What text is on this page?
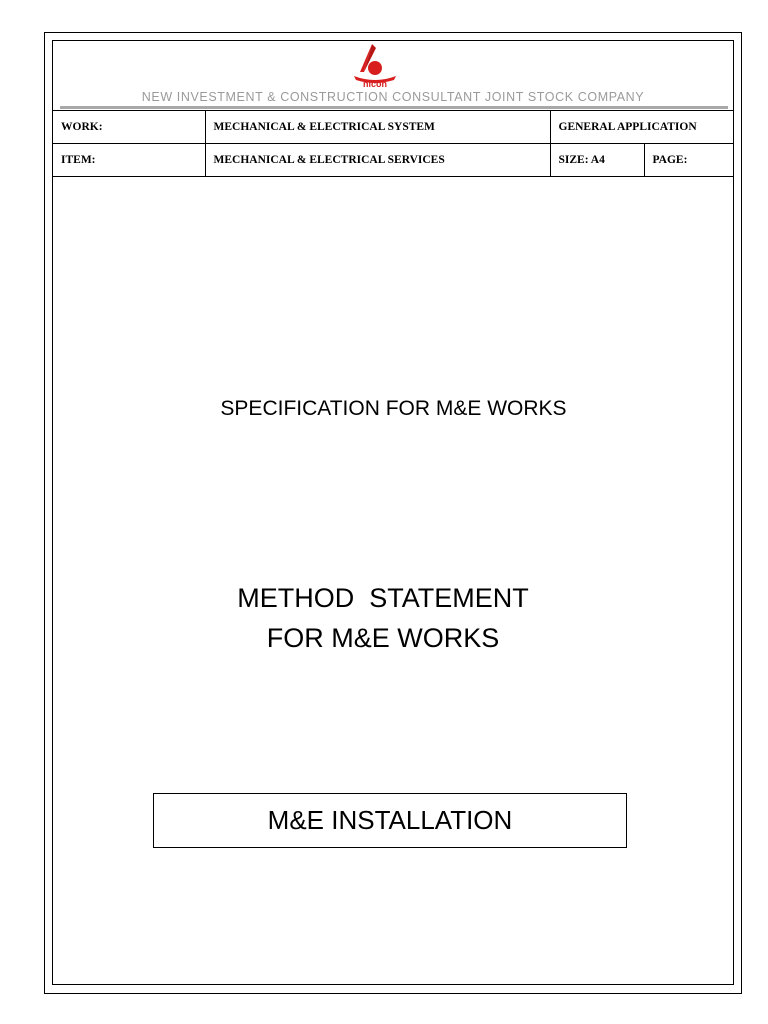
nicon
NEW INVESTMENT & CONSTRUCTION CONSULTANT JOINT STOCK COMPANY
WORK:	MECHANICAL & ELECTRICAL SYSTEM	GENERAL APPLICATION	
ITEM:	MECHANICAL & ELECTRICAL SERVICES	SIZE: A4	PAGE:
SPECIFICATION FOR M&E WORKS
METHOD  STATEMENT
FOR M&E WORKS
M&E INSTALLATION
